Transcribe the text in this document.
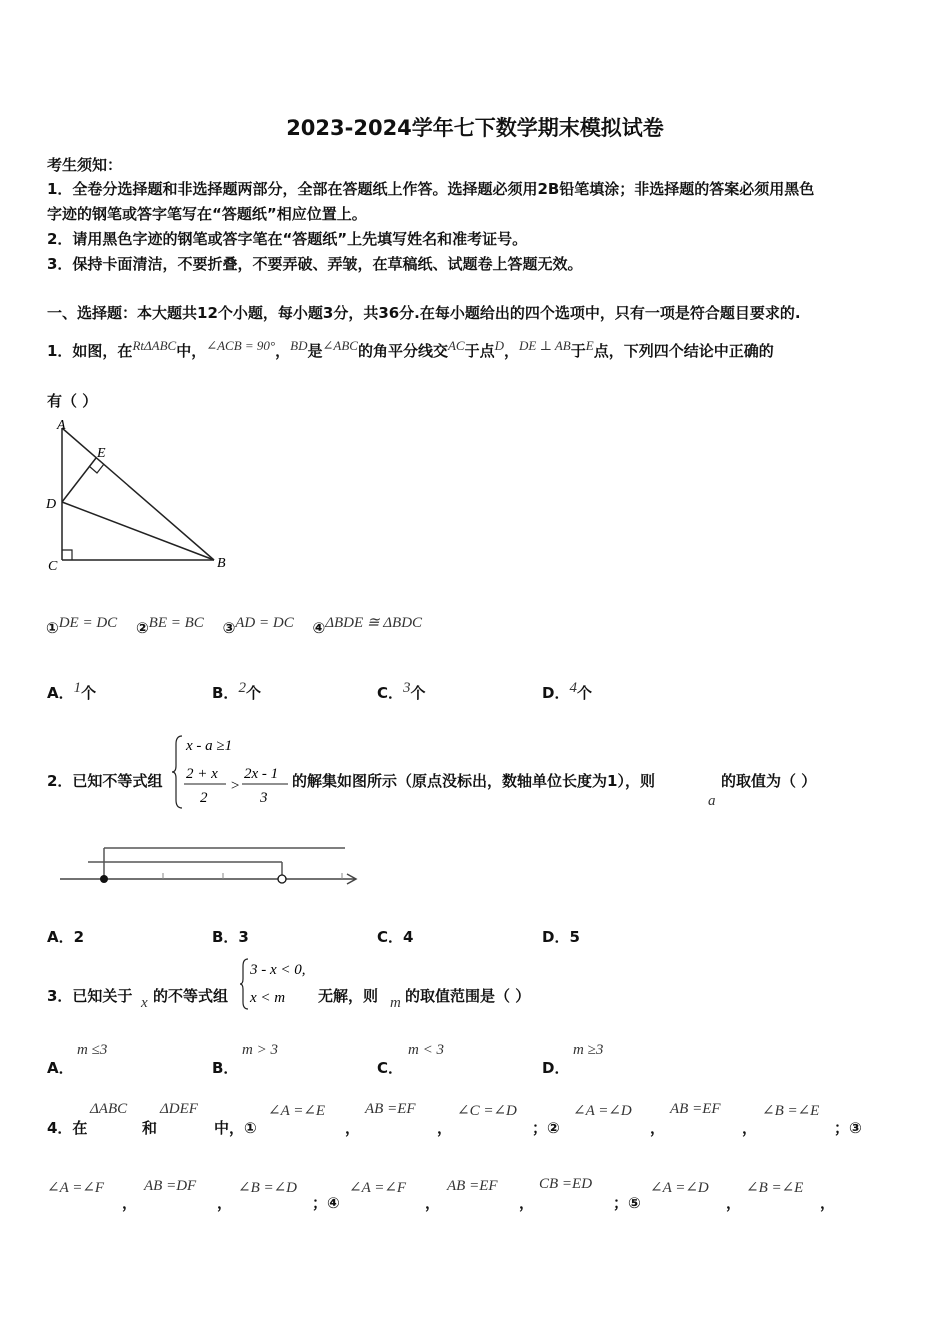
2023-2024学年七下数学期末模拟试卷
考生须知：
1．全卷分选择题和非选择题两部分，全部在答题纸上作答。选择题必须用2B铅笔填涂；非选择题的答案必须用黑色
字迹的钢笔或答字笔写在“答题纸”相应位置上。
2．请用黑色字迹的钢笔或答字笔在“答题纸”上先填写姓名和准考证号。
3．保持卡面清洁，不要折叠，不要弄破、弄皱，在草稿纸、试题卷上答题无效。
一、选择题：本大题共12个小题，每小题3分，共36分.在每小题给出的四个选项中，只有一项是符合题目要求的.
1．如图，在RtΔABC中，∠ACB = 90°，BD是∠ABC的角平分线交AC于点D，DE ⊥ AB于E点，下列四个结论中正确的
有（ ）
A
E
D
C	B
①DE = DC ②BE = BC ③AD = DC ④ΔBDE ≅ ΔBDC
A．1个	B．2个	C．3个	D．4个
2．已知不等式组
x - a ≥1
2 + x
2
>
2x - 1
3
的解集如图所示（原点没标出，数轴单位长度为1），则
a
的取值为（ ）
A．2	B．3	C．4	D．5
3．已知关于 x 的不等式组
3 - x < 0,
x < m 无解，则 m 的取值范围是（ ）
A．
m ≤3
B．
m > 3
C．
m < 3
D．
m ≥3
4．在
ΔABC
和
ΔDEF
中，①
∠A =∠E
，
AB =EF
，
∠C =∠D
；②
∠A =∠D
，
AB =EF
，
∠B =∠E
；③
∠A =∠F
，
AB =DF
，
∠B =∠D
；④
∠A =∠F
，
AB =EF
，
CB =ED
；⑤
∠A =∠D
，
∠B =∠E
，
